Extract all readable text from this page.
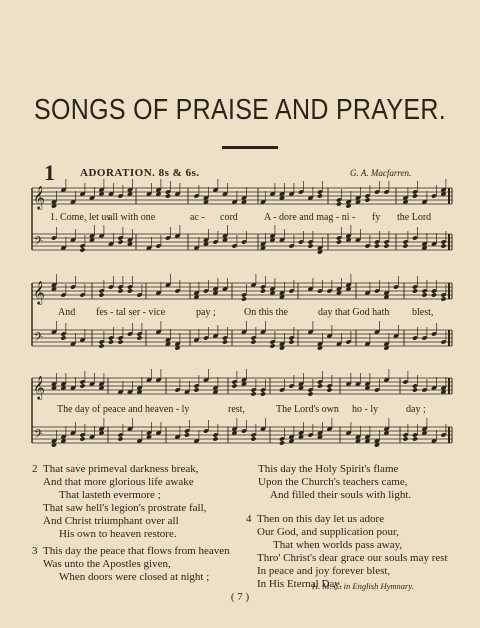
SONGS OF PRAISE AND PRAYER.
1 ADORATION. 8s & 6s.	G. A. Macfarren.
𝄞
𝄢
𝄞
𝄢
𝄞
𝄢
1. Come, let us
all with one	ac - cord	A - dore and mag - ni - fy the Lord
And fes - tal ser - vice	pay ;	On this the	day that God hath blest,
The day of peace and heaven - ly	rest,	The Lord's own ho - ly	day ;
2 That save primeval darkness break,
And that more glorious life awake
That lasteth evermore ;
That saw hell's legion's prostrate fall,
And Christ triumphant over all
His own to heaven restore.
3 This day the peace that flows from heaven
Was unto the Apostles given,
When doors were closed at night ;
This day the Holy Spirit's flame
Upon the Church's teachers came,
And filled their souls with light.
4 Then on this day let us adore
Our God, and supplication pour,
That when worlds pass away,
Thro' Christ's dear grace our souls may rest
In peace and joy forever blest,
In His Eternal Day.
H. M. C. in English Hymnary.
( 7 )
